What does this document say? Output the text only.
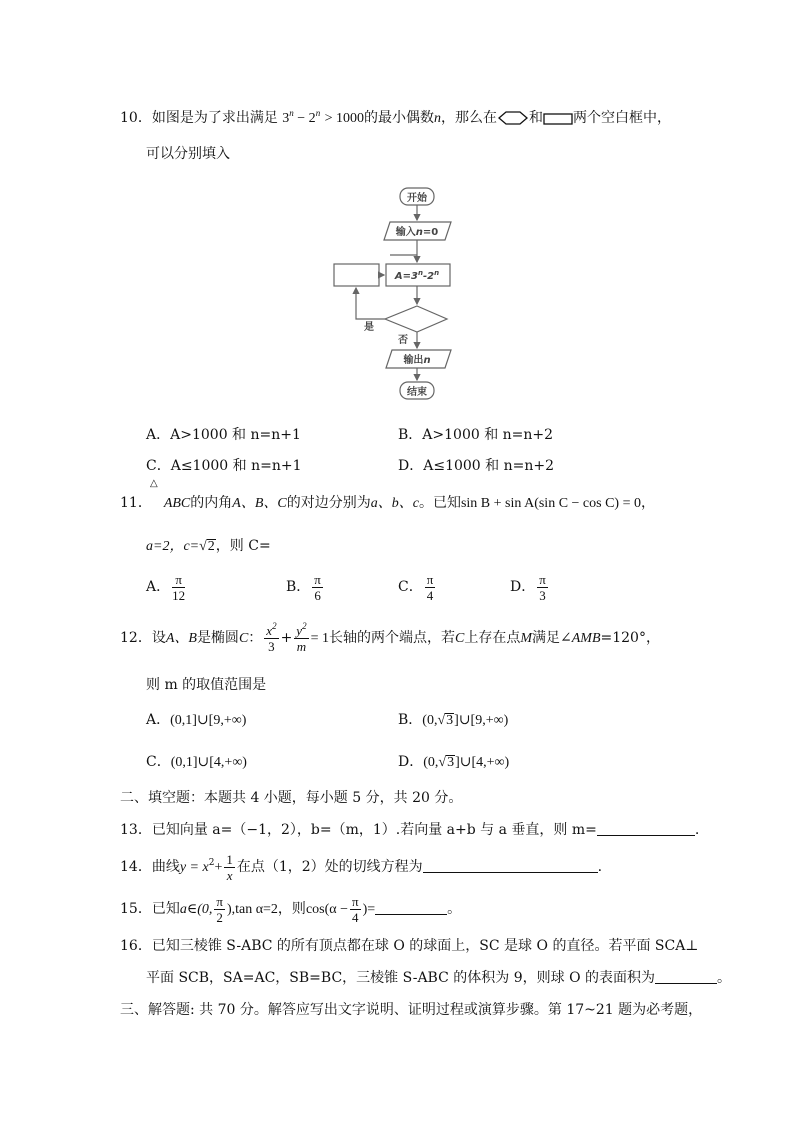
10．如图是为了求出满足 $3^n - 2^n > 1000$的最小偶数n，那么在 和 两个空白框中，
可以分别填入
开始
输入n=0
$A=3^n-2^n$
是
否
输出n
结束
A．A>1000 和 n=n+1	B．A>1000 和 n=n+2
C．A≤1000 和 n=n+1	D．A≤1000 和 n=n+2
△
11． ABC的内角A、B、C的对边分别为a、b、c。已知sin B + sin A(sin C − cos C) = 0，
a=2，c=√2，则 C=
A． $\frac{\pi}{12}$	B． $\frac{\pi}{6}$	C． $\frac{\pi}{4}$	D． $\frac{\pi}{3}$
12．设A、B是椭圆C： $\frac{x^2}{3} + \frac{y^2}{m} = 1$长轴的两个端点，若C上存在点M满足∠AMB=120°，
则 m 的取值范围是
A．(0,1]∪[9,+∞)	B．(0,√3]∪[9,+∞)
C．(0,1]∪[4,+∞)	D．(0,√3]∪[4,+∞)
二、填空题：本题共 4 小题，每小题 5 分，共 20 分。
13．已知向量 a=（−1，2），b=（m，1）.若向量 a+b 与 a 垂直，则 m=	.
14．曲线$y = x^2+ \frac{1}{x}$ 在点（1，2）处的切线方程为	.
15．已知a∈(0, $\frac{\pi}{2} ),\tan$ α=2，则$\cos(\alpha - \frac{\pi}{4}$ )=	。
16．已知三棱锥 S-ABC 的所有顶点都在球 O 的球面上，SC 是球 O 的直径。若平面 SCA⊥
平面 SCB，SA=AC，SB=BC，三棱锥 S-ABC 的体积为 9，则球 O 的表面积为	。
三、解答题: 共 70 分。解答应写出文字说明、证明过程或演算步骤。第 17~21 题为必考题，
